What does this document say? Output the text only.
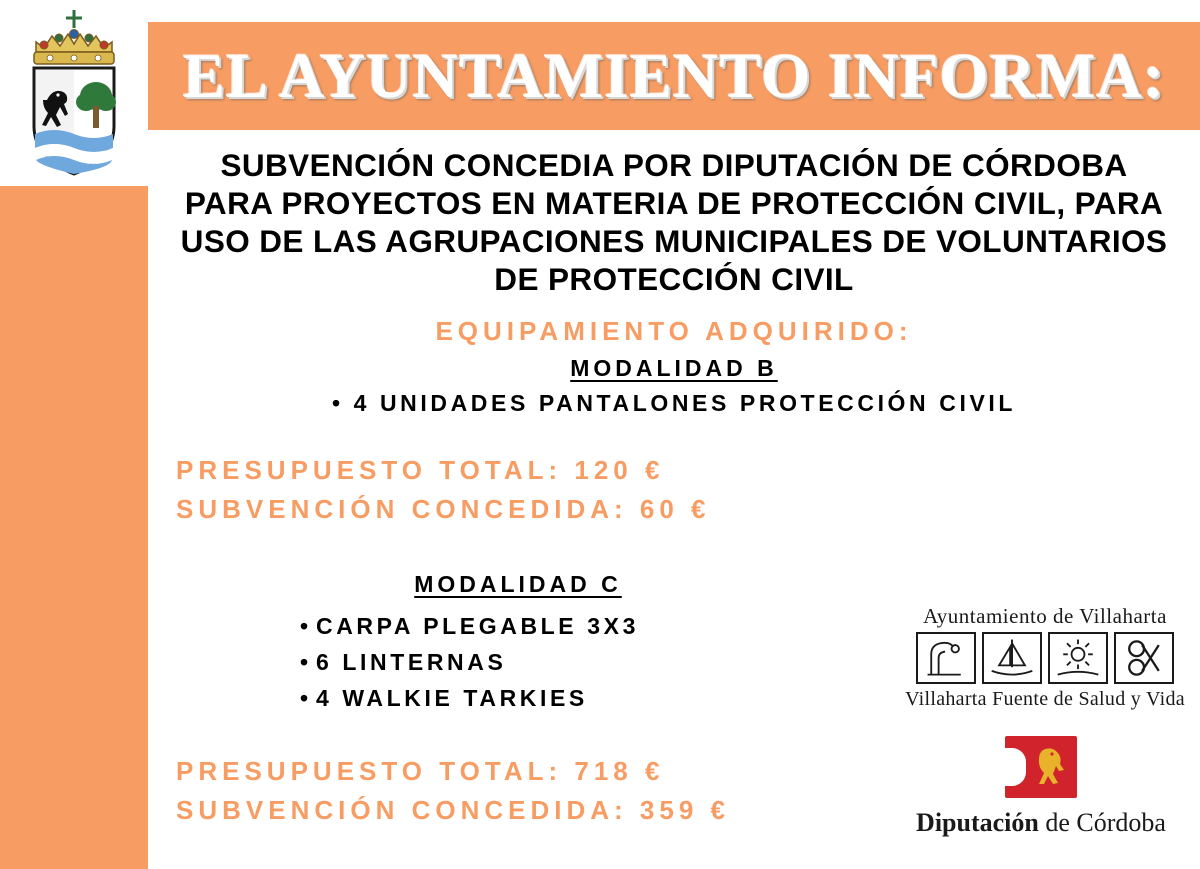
EL AYUNTAMIENTO INFORMA:
SUBVENCIÓN CONCEDIA POR DIPUTACIÓN DE CÓRDOBA PARA PROYECTOS EN MATERIA DE PROTECCIÓN CIVIL, PARA USO DE LAS AGRUPACIONES MUNICIPALES DE VOLUNTARIOS DE PROTECCIÓN CIVIL
EQUIPAMIENTO ADQUIRIDO:
MODALIDAD B
• 4 UNIDADES PANTALONES PROTECCIÓN CIVIL
PRESUPUESTO TOTAL: 120 €
SUBVENCIÓN CONCEDIDA: 60 €
MODALIDAD C
• CARPA PLEGABLE 3X3
• 6 LINTERNAS
• 4 WALKIE TARKIES
PRESUPUESTO TOTAL: 718 €
SUBVENCIÓN CONCEDIDA: 359 €
Ayuntamiento de Villaharta
Villaharta Fuente de Salud y Vida
Diputación de Córdoba
